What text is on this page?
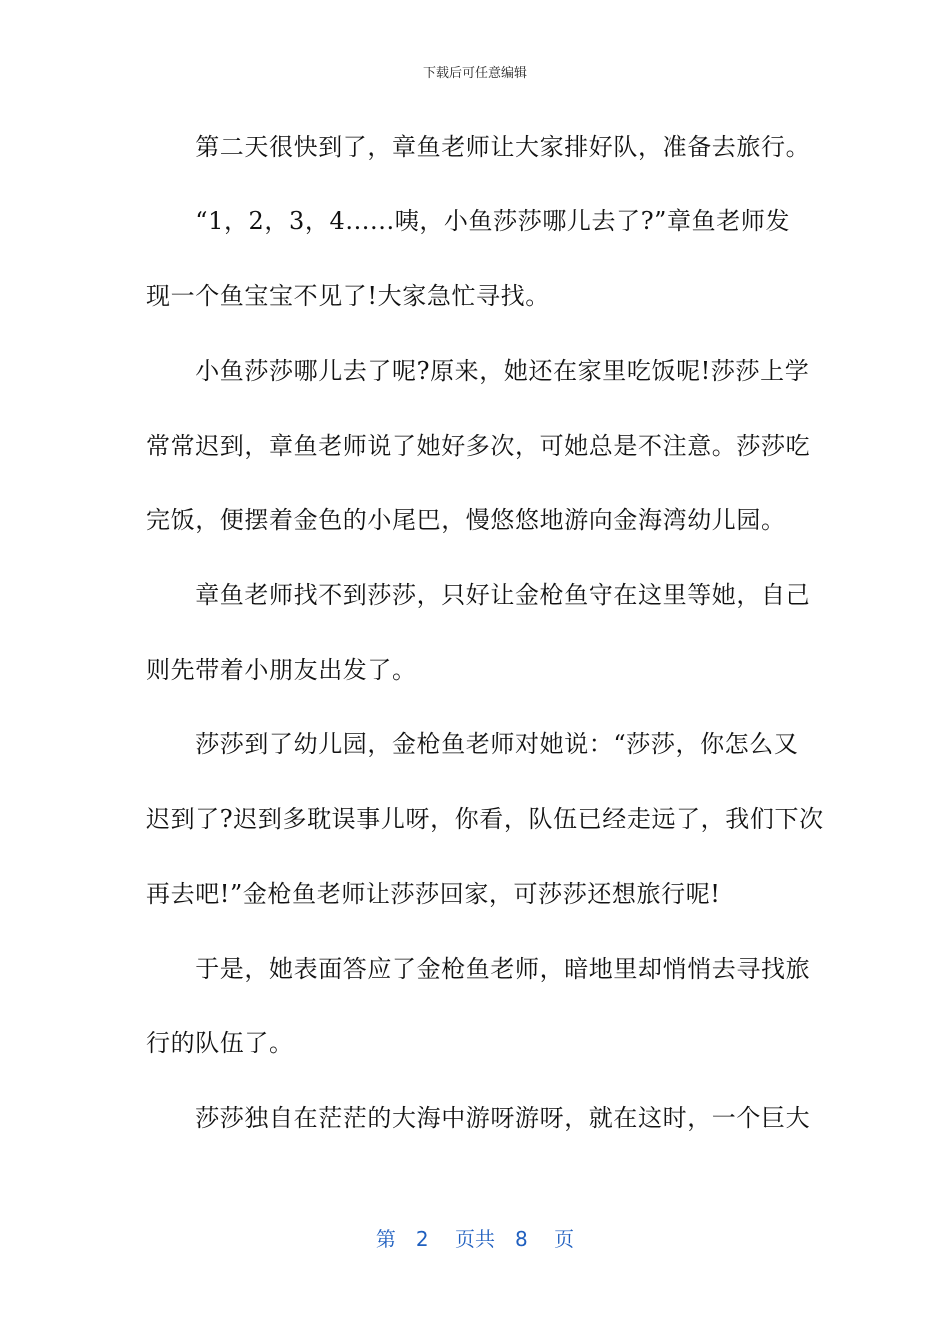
下载后可任意编辑
　　第二天很快到了，章鱼老师让大家排好队，准备去旅行。
　　“1，2，3，4......咦，小鱼莎莎哪儿去了?”章鱼老师发
现一个鱼宝宝不见了!大家急忙寻找。
　　小鱼莎莎哪儿去了呢?原来，她还在家里吃饭呢!莎莎上学
常常迟到，章鱼老师说了她好多次，可她总是不注意。莎莎吃
完饭，便摆着金色的小尾巴，慢悠悠地游向金海湾幼儿园。
　　章鱼老师找不到莎莎，只好让金枪鱼守在这里等她，自己
则先带着小朋友出发了。
　　莎莎到了幼儿园，金枪鱼老师对她说：“莎莎，你怎么又
迟到了?迟到多耽误事儿呀，你看，队伍已经走远了，我们下次
再去吧!”金枪鱼老师让莎莎回家，可莎莎还想旅行呢!
　　于是，她表面答应了金枪鱼老师，暗地里却悄悄去寻找旅
行的队伍了。
　　莎莎独自在茫茫的大海中游呀游呀，就在这时，一个巨大
第　2　 页共　8　 页
